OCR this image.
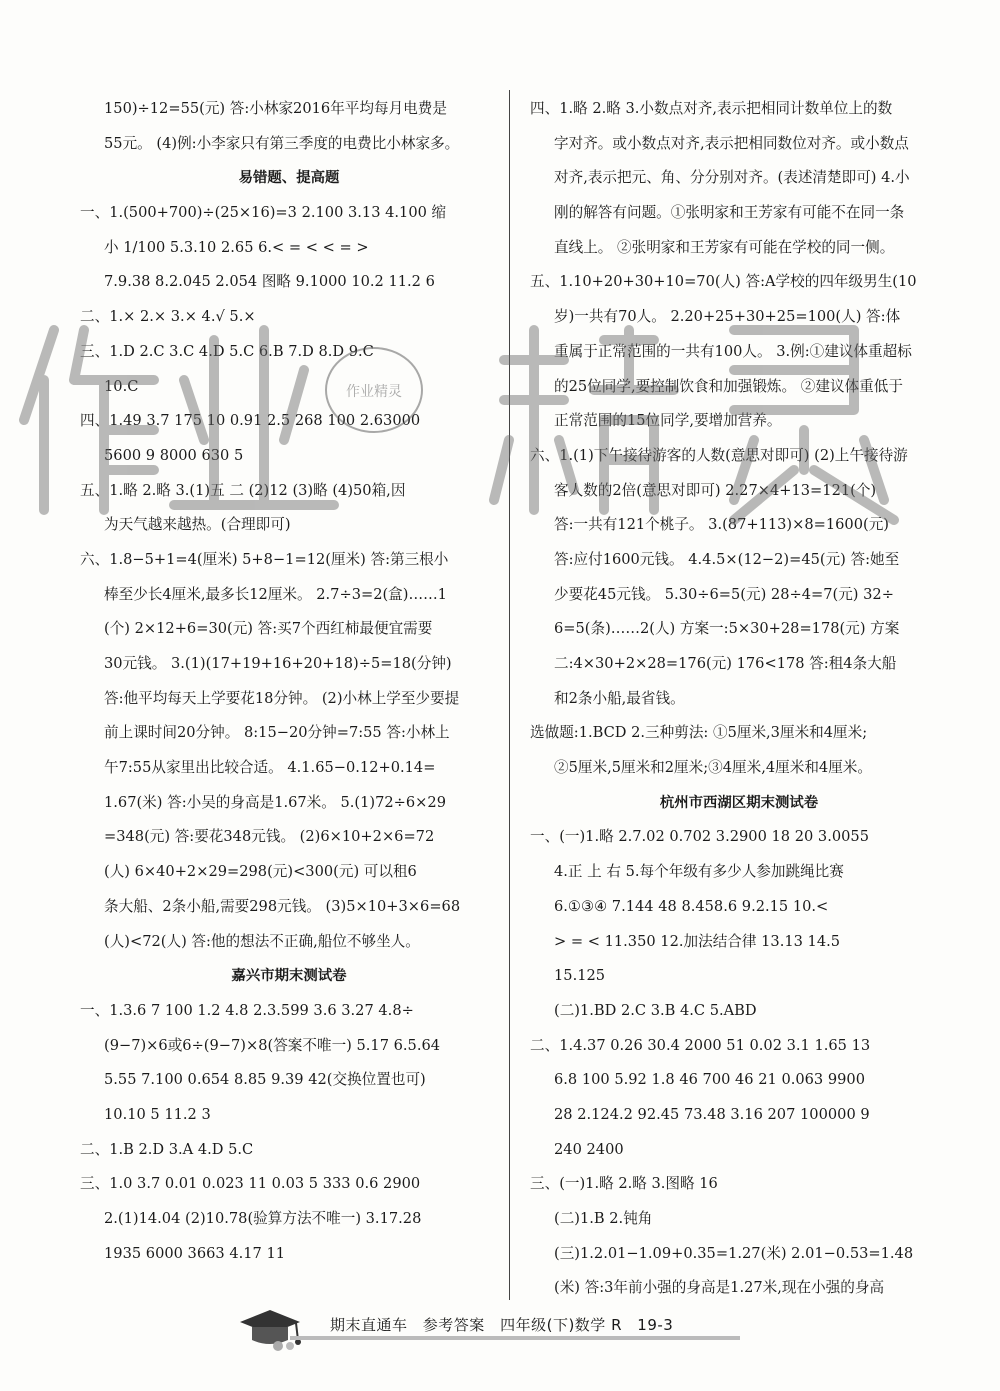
150)÷12=55(元) 答:小林家2016年平均每月电费是
55元。 (4)例:小李家只有第三季度的电费比小林家多。
易错题、提高题
一、1.(500+700)÷(25×16)=3 2.100 3.13 4.100 缩
小 1/100 5.3.10 2.65 6.< = < < = >
7.9.38 8.2.045 2.054 图略 9.1000 10.2 11.2 6
二、1.× 2.× 3.× 4.√ 5.×
三、1.D 2.C 3.C 4.D 5.C 6.B 7.D 8.D 9.C
10.C
四、1.49 3.7 175 10 0.91 2.5 268 100 2.63000
5600 9 8000 630 5
五、1.略 2.略 3.(1)五 二 (2)12 (3)略 (4)50箱,因
为天气越来越热。(合理即可)
六、1.8−5+1=4(厘米) 5+8−1=12(厘米) 答:第三根小
棒至少长4厘米,最多长12厘米。 2.7÷3=2(盒)……1
(个) 2×12+6=30(元) 答:买7个西红柿最便宜需要
30元钱。 3.(1)(17+19+16+20+18)÷5=18(分钟)
答:他平均每天上学要花18分钟。 (2)小林上学至少要提
前上课时间20分钟。 8:15−20分钟=7:55 答:小林上
午7:55从家里出比较合适。 4.1.65−0.12+0.14=
1.67(米) 答:小吴的身高是1.67米。 5.(1)72÷6×29
=348(元) 答:要花348元钱。 (2)6×10+2×6=72
(人) 6×40+2×29=298(元)<300(元) 可以租6
条大船、2条小船,需要298元钱。 (3)5×10+3×6=68
(人)<72(人) 答:他的想法不正确,船位不够坐人。
嘉兴市期末测试卷
一、1.3.6 7 100 1.2 4.8 2.3.599 3.6 3.27 4.8÷
(9−7)×6或6÷(9−7)×8(答案不唯一) 5.17 6.5.64
5.55 7.100 0.654 8.85 9.39 42(交换位置也可)
10.10 5 11.2 3
二、1.B 2.D 3.A 4.D 5.C
三、1.0 3.7 0.01 0.023 11 0.03 5 333 0.6 2900
2.(1)14.04 (2)10.78(验算方法不唯一) 3.17.28
1935 6000 3663 4.17 11
四、1.略 2.略 3.小数点对齐,表示把相同计数单位上的数
字对齐。或小数点对齐,表示把相同数位对齐。或小数点
对齐,表示把元、角、分分别对齐。(表述清楚即可) 4.小
刚的解答有问题。①张明家和王芳家有可能不在同一条
直线上。 ②张明家和王芳家有可能在学校的同一侧。
五、1.10+20+30+10=70(人) 答:A学校的四年级男生(10
岁)一共有70人。 2.20+25+30+25=100(人) 答:体
重属于正常范围的一共有100人。 3.例:①建议体重超标
的25位同学,要控制饮食和加强锻炼。 ②建议体重低于
正常范围的15位同学,要增加营养。
六、1.(1)下午接待游客的人数(意思对即可) (2)上午接待游
客人数的2倍(意思对即可) 2.27×4+13=121(个)
答:一共有121个桃子。 3.(87+113)×8=1600(元)
答:应付1600元钱。 4.4.5×(12−2)=45(元) 答:她至
少要花45元钱。 5.30÷6=5(元) 28÷4=7(元) 32÷
6=5(条)……2(人) 方案一:5×30+28=178(元) 方案
二:4×30+2×28=176(元) 176<178 答:租4条大船
和2条小船,最省钱。
选做题:1.BCD 2.三种剪法: ①5厘米,3厘米和4厘米;
②5厘米,5厘米和2厘米;③4厘米,4厘米和4厘米。
杭州市西湖区期末测试卷
一、(一)1.略 2.7.02 0.702 3.2900 18 20 3.0055
4.正 上 右 5.每个年级有多少人参加跳绳比赛
6.①③④ 7.144 48 8.458.6 9.2.15 10.<
> = < 11.350 12.加法结合律 13.13 14.5
15.125
(二)1.BD 2.C 3.B 4.C 5.ABD
二、1.4.37 0.26 30.4 2000 51 0.02 3.1 1.65 13
6.8 100 5.92 1.8 46 700 46 21 0.063 9900
28 2.124.2 92.45 73.48 3.16 207 100000 9
240 2400
三、(一)1.略 2.略 3.图略 16
(二)1.B 2.钝角
(三)1.2.01−1.09+0.35=1.27(米) 2.01−0.53=1.48
(米) 答:3年前小强的身高是1.27米,现在小强的身高
作业精灵
期末直通车 参考答案 四年级(下)数学 R 19-3
